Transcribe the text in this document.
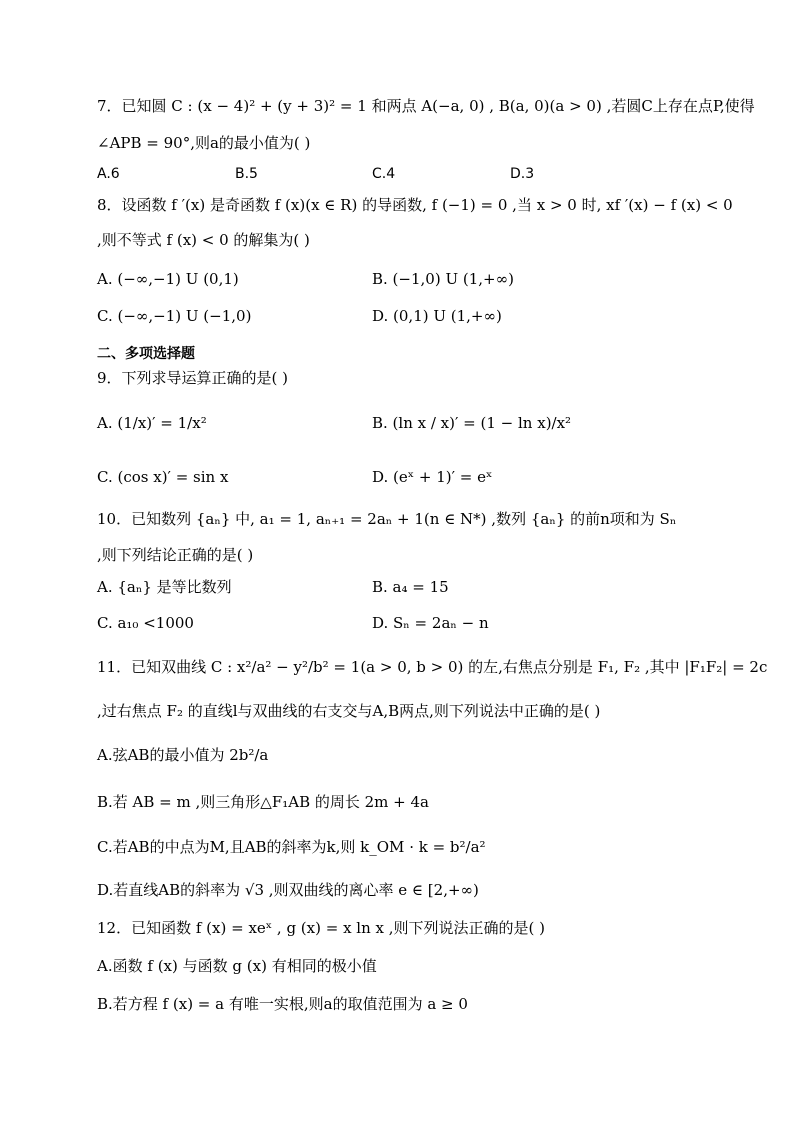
7．已知圆 C : (x − 4)² + (y + 3)² = 1 和两点 A(−a, 0) , B(a, 0)(a > 0) ,若圆C上存在点P,使得
∠APB = 90°,则a的最小值为( )
A.6	B.5	C.4	D.3
8．设函数 f ′(x) 是奇函数 f (x)(x ∈ R) 的导函数, f (−1) = 0 ,当 x > 0 时, xf ′(x) − f (x) < 0
,则不等式 f (x) < 0 的解集为( )
A. (−∞,−1) U (0,1)	B. (−1,0) U (1,+∞)
C. (−∞,−1) U (−1,0)	D. (0,1) U (1,+∞)
二、多项选择题
9．下列求导运算正确的是( )
A. (1/x)′ = 1/x²	B. (ln x / x)′ = (1 − ln x)/x²
C. (cos x)′ = sin x	D. (eˣ + 1)′ = eˣ
10．已知数列 {aₙ} 中, a₁ = 1, aₙ₊₁ = 2aₙ + 1(n ∈ N*) ,数列 {aₙ} 的前n项和为 Sₙ
,则下列结论正确的是( )
A. {aₙ} 是等比数列	B. a₄ = 15
C. a₁₀ <1000	D. Sₙ = 2aₙ − n
11．已知双曲线 C : x²/a² − y²/b² = 1(a > 0, b > 0) 的左,右焦点分别是 F₁, F₂ ,其中 |F₁F₂| = 2c
,过右焦点 F₂ 的直线l与双曲线的右支交与A,B两点,则下列说法中正确的是( )
A.弦AB的最小值为 2b²/a
B.若 AB = m ,则三角形△F₁AB 的周长 2m + 4a
C.若AB的中点为M,且AB的斜率为k,则 k_OM · k = b²/a²
D.若直线AB的斜率为 √3 ,则双曲线的离心率 e ∈ [2,+∞)
12．已知函数 f (x) = xeˣ , g (x) = x ln x ,则下列说法正确的是( )
A.函数 f (x) 与函数 g (x) 有相同的极小值
B.若方程 f (x) = a 有唯一实根,则a的取值范围为 a ≥ 0
